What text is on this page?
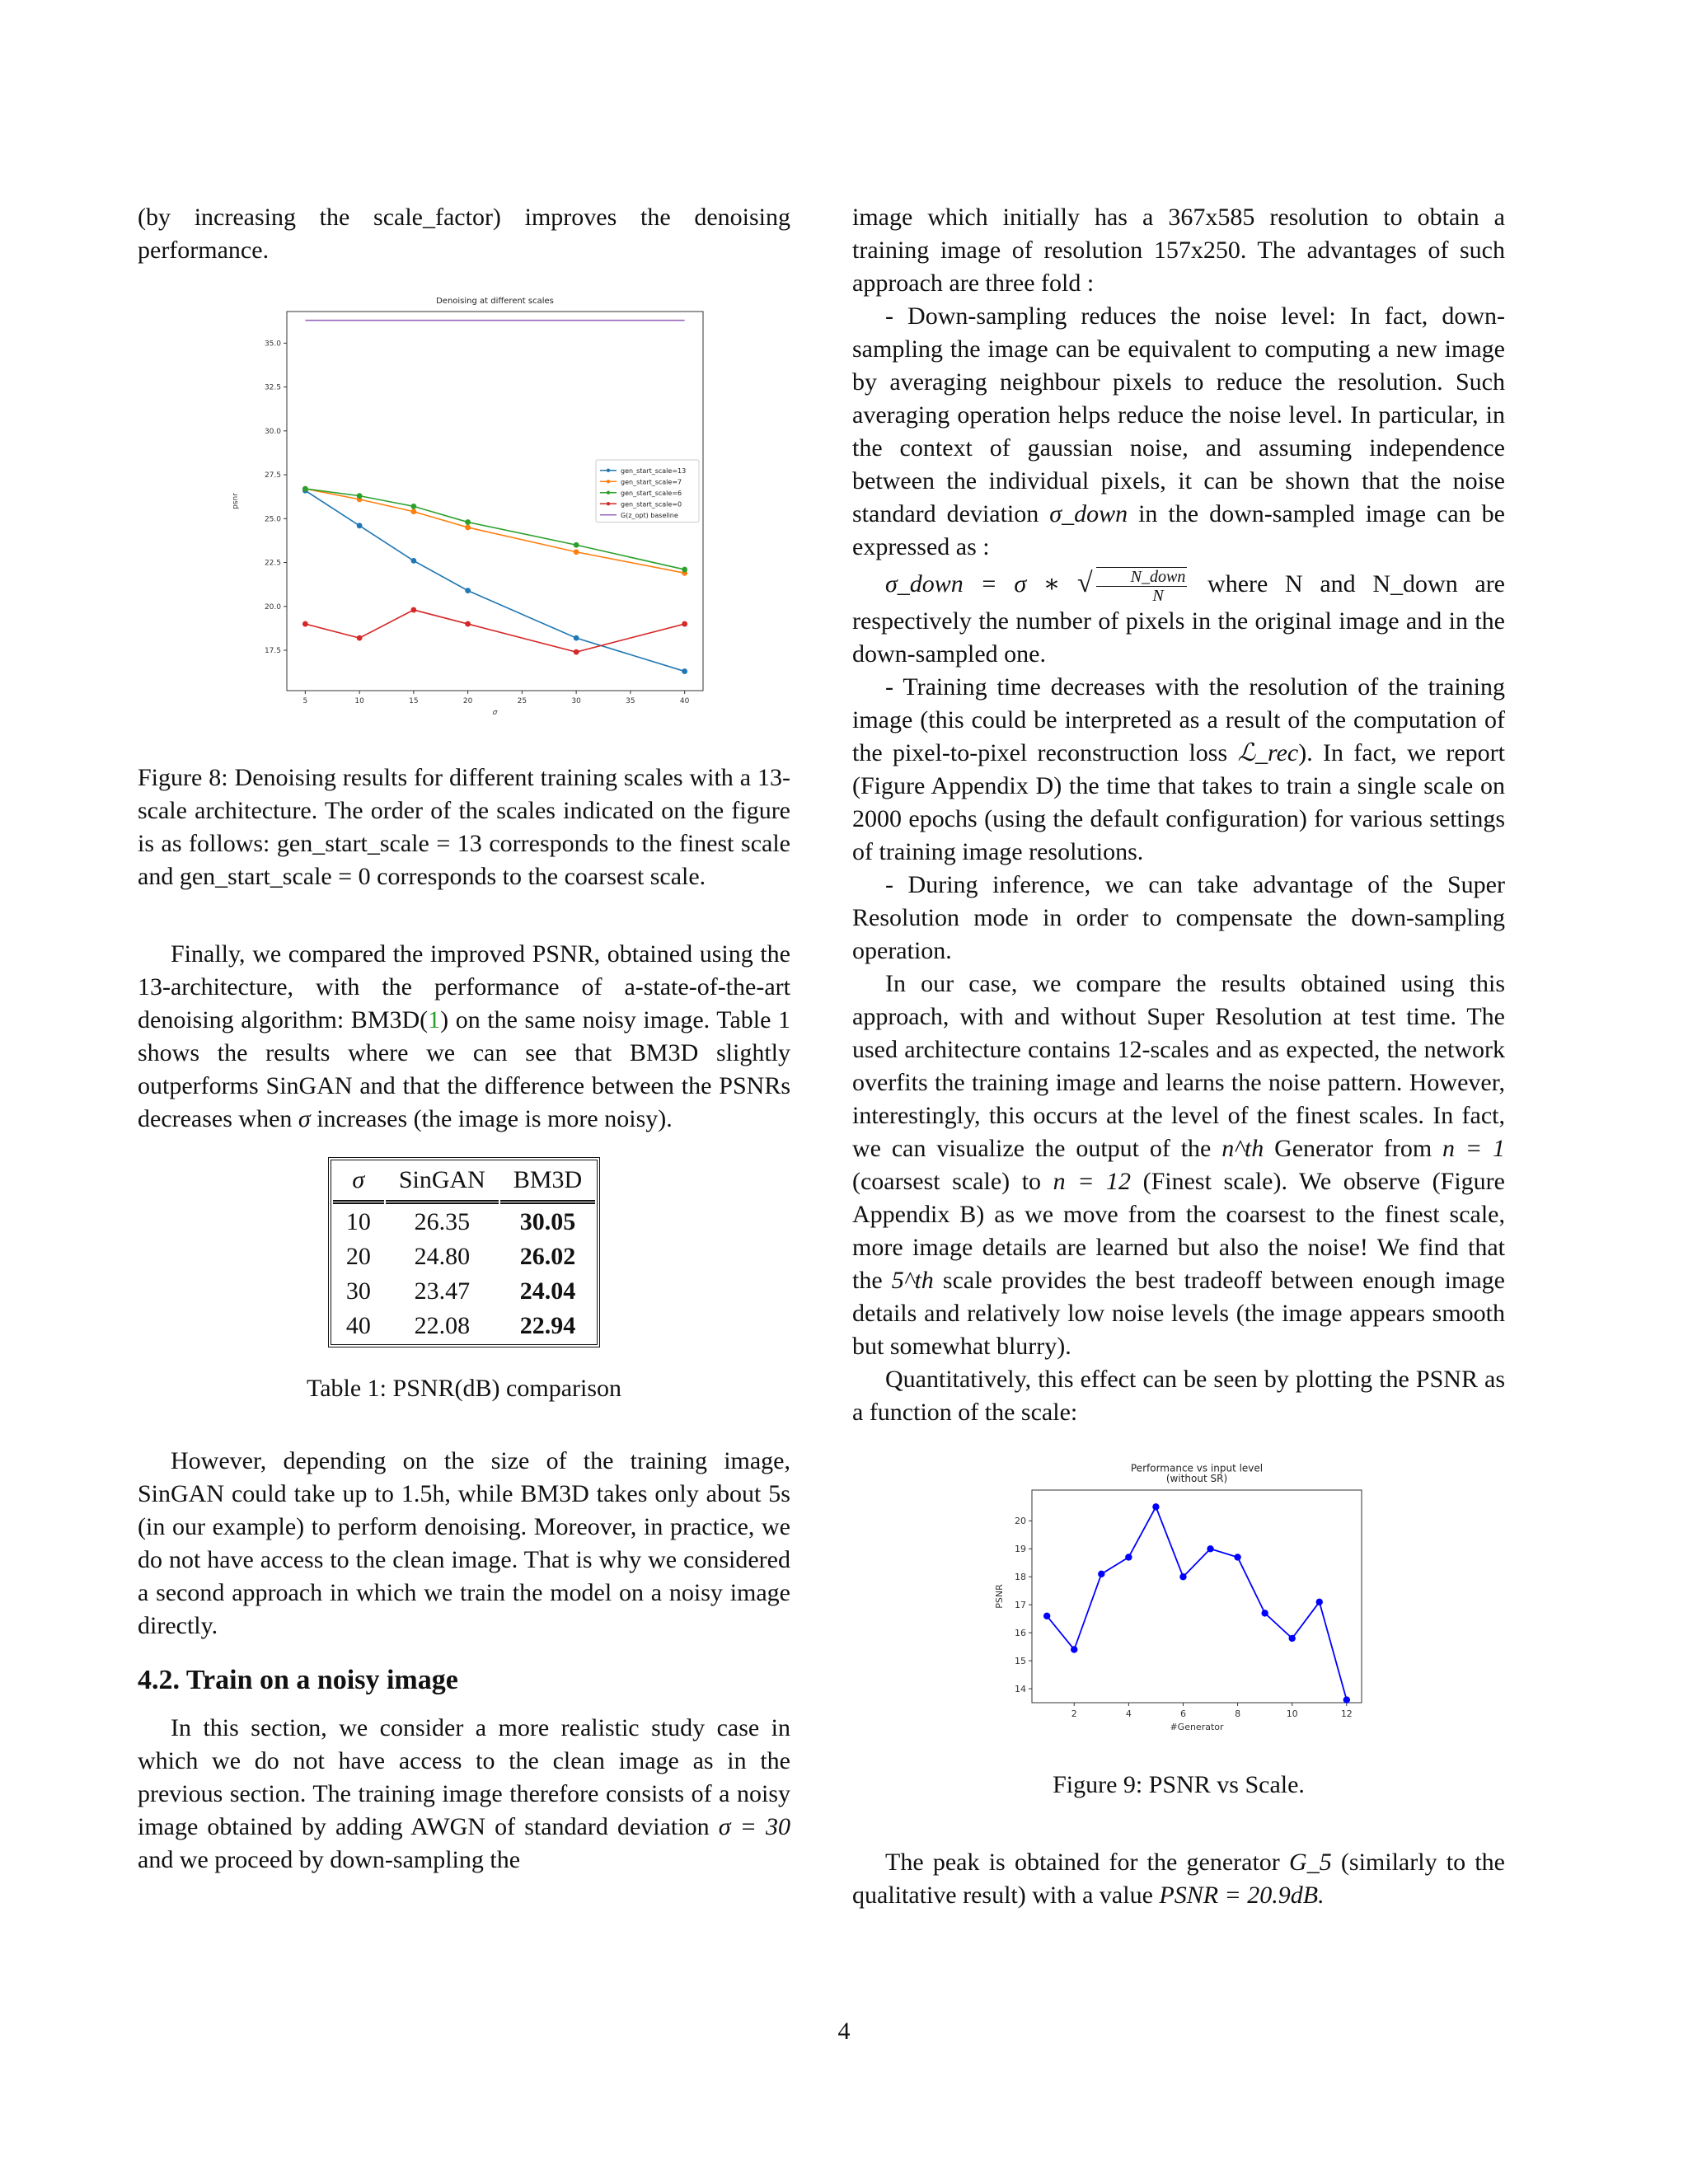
(by increasing the scale_factor) improves the denoising performance.

Denoising at different scales
5	10	15	20	25	30	35	40
17.5
20.0
22.5
25.0
27.5
30.0
32.5
35.0
σ
psnr
gen_start_scale=13
gen_start_scale=7
gen_start_scale=6
gen_start_scale=0
G(z_opt) baseline

Figure 8: Denoising results for different training scales with a 13-scale architecture. The order of the scales indicated on the figure is as follows: gen_start_scale = 13 corresponds to the finest scale and gen_start_scale = 0 corresponds to the coarsest scale.

Finally, we compared the improved PSNR, obtained using the 13-architecture, with the performance of a-state-of-the-art denoising algorithm: BM3D(1) on the same noisy image. Table 1 shows the results where we can see that BM3D slightly outperforms SinGAN and that the difference between the PSNRs decreases when σ increases (the image is more noisy).

σ	SinGAN	BM3D
10	26.35	30.05
20	24.80	26.02
30	23.47	24.04
40	22.08	22.94

Table 1: PSNR(dB) comparison

However, depending on the size of the training image, SinGAN could take up to 1.5h, while BM3D takes only about 5s (in our example) to perform denoising. Moreover, in practice, we do not have access to the clean image. That is why we considered a second approach in which we train the model on a noisy image directly.

4.2. Train on a noisy image

In this section, we consider a more realistic study case in which we do not have access to the clean image as in the previous section. The training image therefore consists of a noisy image obtained by adding AWGN of standard deviation σ = 30 and we proceed by down-sampling the

image which initially has a 367x585 resolution to obtain a training image of resolution 157x250. The advantages of such approach are three fold :

- Down-sampling reduces the noise level: In fact, down-sampling the image can be equivalent to computing a new image by averaging neighbour pixels to reduce the resolution. Such averaging operation helps reduce the noise level. In particular, in the context of gaussian noise, and assuming independence between the individual pixels, it can be shown that the noise standard deviation σ_down in the down-sampled image can be expressed as :

σ_down = σ ∗ √ $\frac{\text{N\_down}}{N}$ where N and N_down are respectively the number of pixels in the original image and in the down-sampled one.

- Training time decreases with the resolution of the training image (this could be interpreted as a result of the computation of the pixel-to-pixel reconstruction loss ℒ_rec). In fact, we report (Figure Appendix D) the time that takes to train a single scale on 2000 epochs (using the default configuration) for various settings of training image resolutions.

- During inference, we can take advantage of the Super Resolution mode in order to compensate the down-sampling operation.

In our case, we compare the results obtained using this approach, with and without Super Resolution at test time. The used architecture contains 12-scales and as expected, the network overfits the training image and learns the noise pattern. However, interestingly, this occurs at the level of the finest scales. In fact, we can visualize the output of the n^th Generator from n = 1 (coarsest scale) to n = 12 (Finest scale). We observe (Figure Appendix B) as we move from the coarsest to the finest scale, more image details are learned but also the noise! We find that the 5^th scale provides the best tradeoff between enough image details and relatively low noise levels (the image appears smooth but somewhat blurry).

Quantitatively, this effect can be seen by plotting the PSNR as a function of the scale:

Performance vs input level
(without SR)
2	4	6	8	10	12
14
15
16
17
18
19
20
#Generator
PSNR

Figure 9: PSNR vs Scale.

The peak is obtained for the generator G_5 (similarly to the qualitative result) with a value PSNR = 20.9dB.

4
